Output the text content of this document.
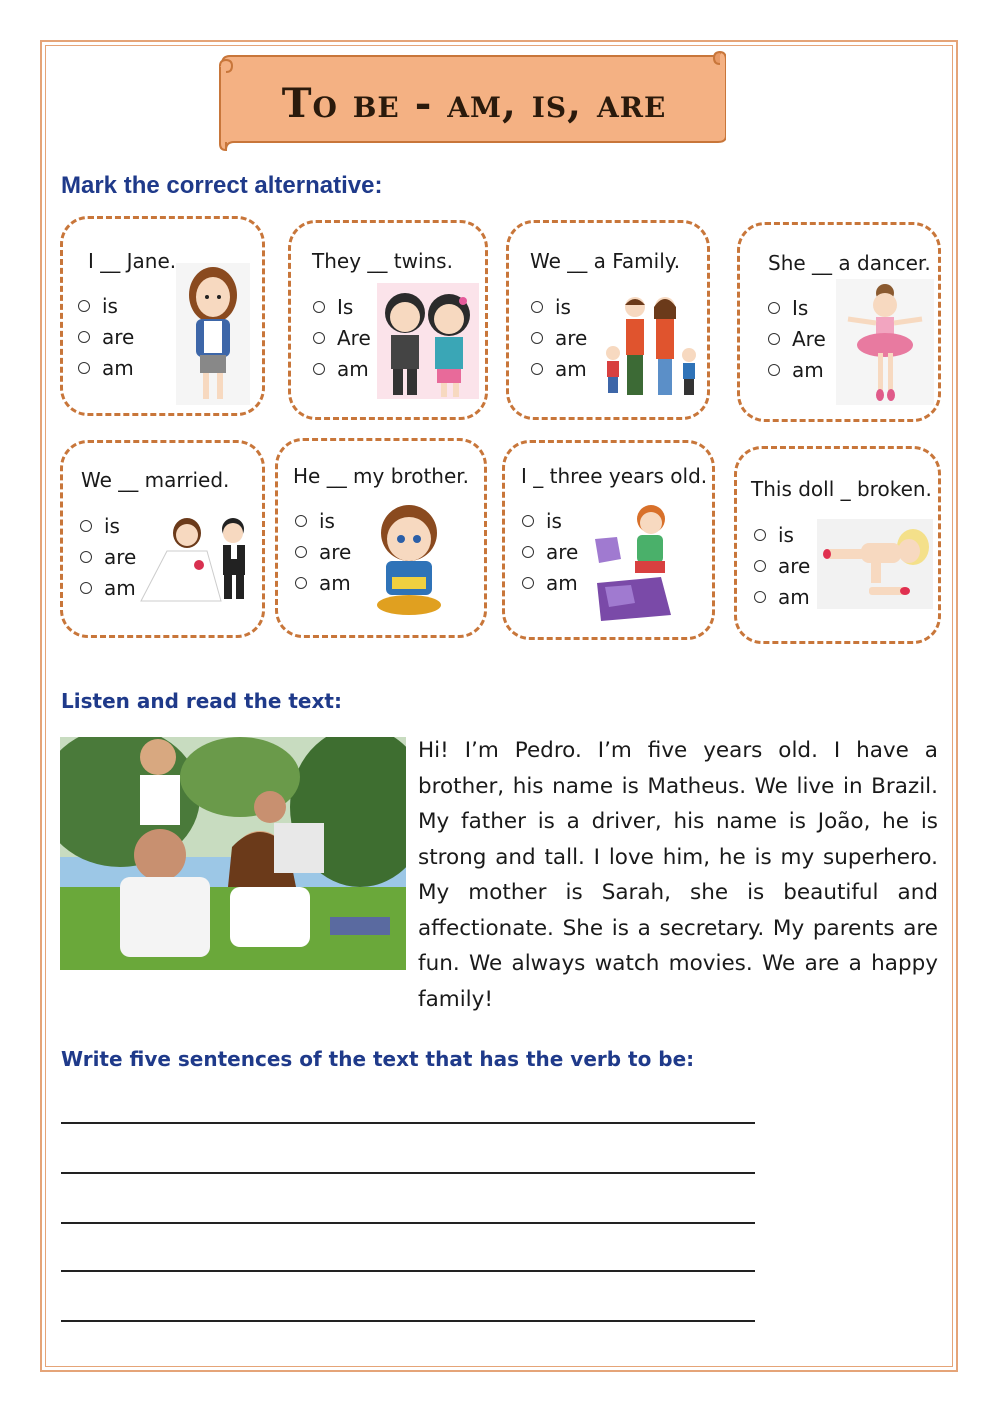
To be - am, is, are
Mark the correct alternative:
I __ Jane.
is
are
am
They __ twins.
Is
Are
am
We __ a Family.
is
are
am
She __ a dancer.
Is
Are
am
We __ married.
is
are
am
He __ my brother.
is
are
am
I _ three years old.
is
are
am
This doll _ broken.
is
are
am
Listen and read the text:
Hi! I’m Pedro. I’m five years old. I have a brother, his name is Matheus. We live in Brazil. My father is a driver, his name is João, he is strong and tall. I love him, he is my superhero. My mother is Sarah, she is beautiful and affectionate. She is a secretary. My parents are fun. We always watch movies. We are a happy family!
Write five sentences of the text that has the verb to be:
